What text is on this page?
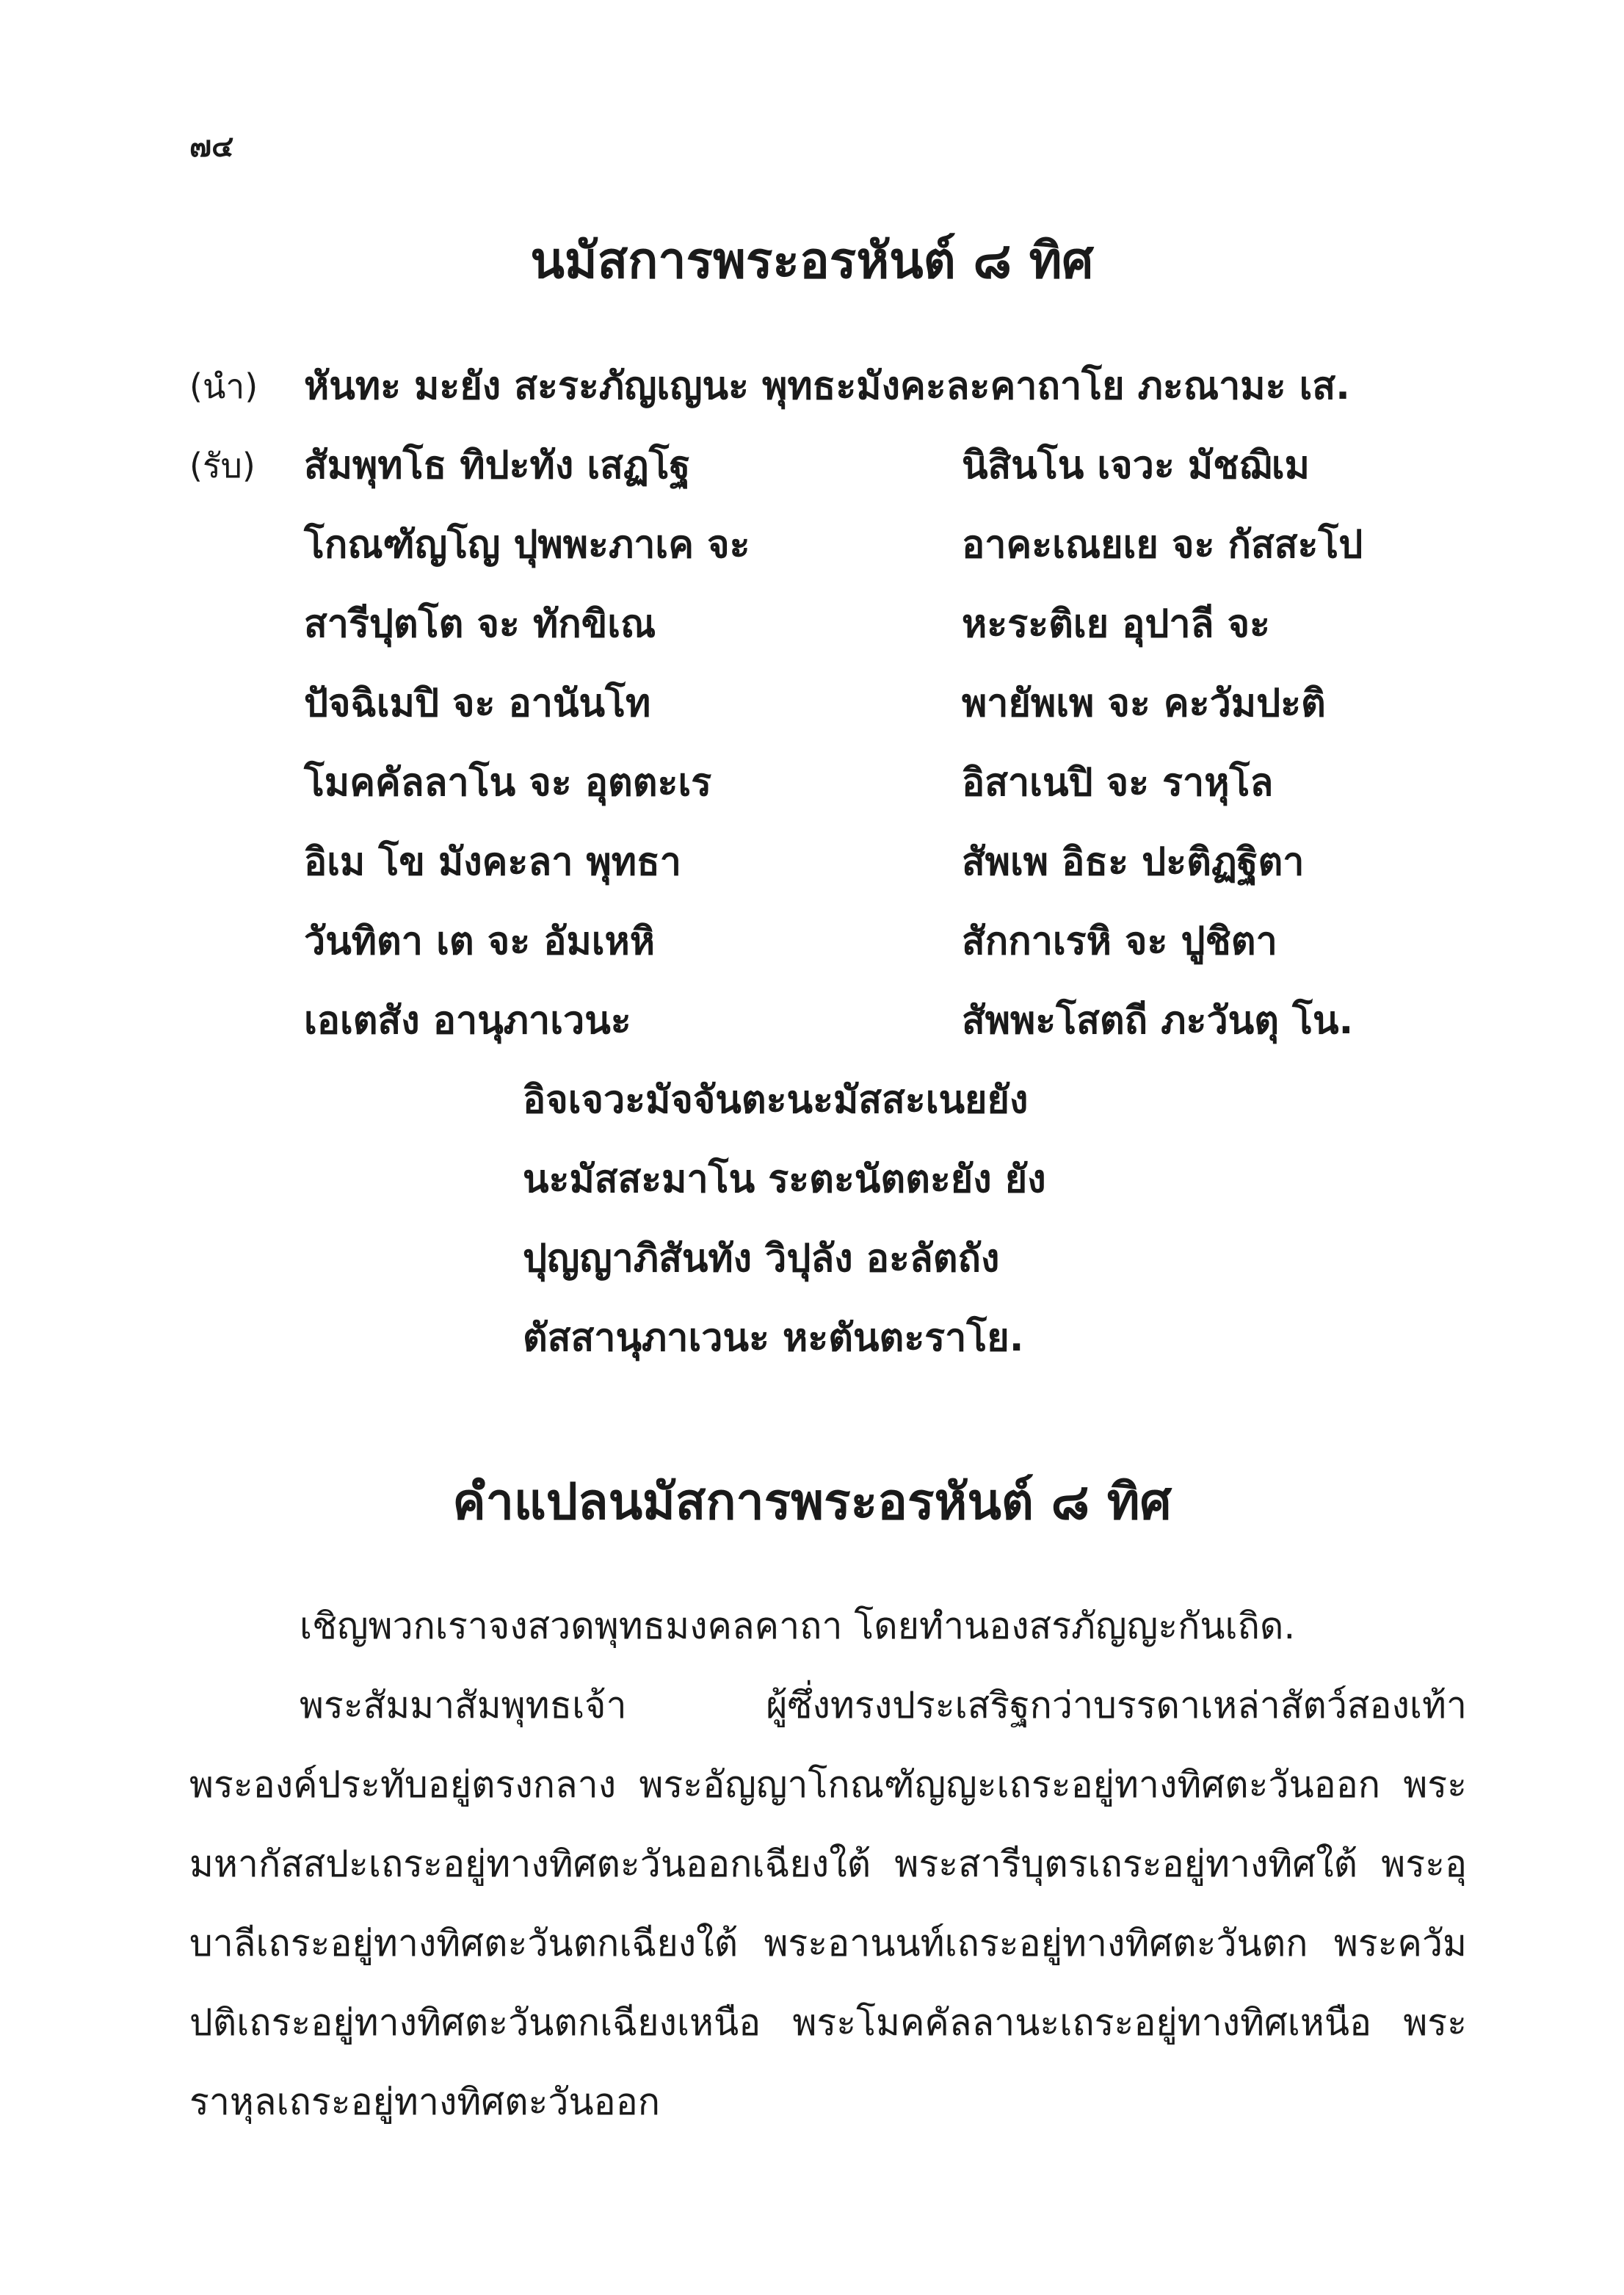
๗๔
นมัสการพระอรหันต์ ๘ ทิศ
(นำ) หันทะ มะยัง สะระภัญเญนะ พุทธะมังคะละคาถาโย ภะณามะ เส.
(รับ) สัมพุทโธ ทิปะทัง เสฏโฐ
โกณฑัญโญ ปุพพะภาเค จะ
สารีปุตโต จะ ทักขิเณ
ปัจฉิเมปิ จะ อานันโท
โมคคัลลาโน จะ อุตตะเร
อิเม โข มังคะลา พุทธา
วันทิตา เต จะ อัมเหหิ
เอเตสัง อานุภาเวนะ
นิสินโน เจวะ มัชฌิเม
อาคะเณยเย จะ กัสสะโป
หะระติเย อุปาลี จะ
พายัพเพ จะ คะวัมปะติ
อิสาเนปิ จะ ราหุโล
สัพเพ อิธะ ปะติฏฐิตา
สักกาเรหิ จะ ปูชิตา
สัพพะโสตถี ภะวันตุ โน.
อิจเจวะมัจจันตะนะมัสสะเนยยัง
นะมัสสะมาโน ระตะนัตตะยัง ยัง
ปุญญาภิสันทัง วิปุลัง อะลัตถัง
ตัสสานุภาเวนะ หะตันตะราโย.
คำแปลนมัสการพระอรหันต์ ๘ ทิศ

เชิญพวกเราจงสวดพุทธมงคลคาถา โดยทำนองสรภัญญะกันเถิด.

พระสัมมาสัมพุทธเจ้า ผู้ซึ่งทรงประเสริฐกว่าบรรดาเหล่าสัตว์สองเท้า พระองค์ประทับอยู่ตรงกลาง พระอัญญาโกณฑัญญะเถระอยู่ทางทิศตะวันออก พระมหากัสสปะเถระอยู่ทางทิศตะวันออกเฉียงใต้ พระสารีบุตรเถระอยู่ทางทิศใต้ พระอุบาลีเถระอยู่ทางทิศตะวันตกเฉียงใต้ พระอานนท์เถระอยู่ทางทิศตะวันตก พระควัมปติเถระอยู่ทางทิศตะวันตกเฉียงเหนือ พระโมคคัลลานะเถระอยู่ทางทิศเหนือ พระราหุลเถระอยู่ทางทิศตะวันออก
